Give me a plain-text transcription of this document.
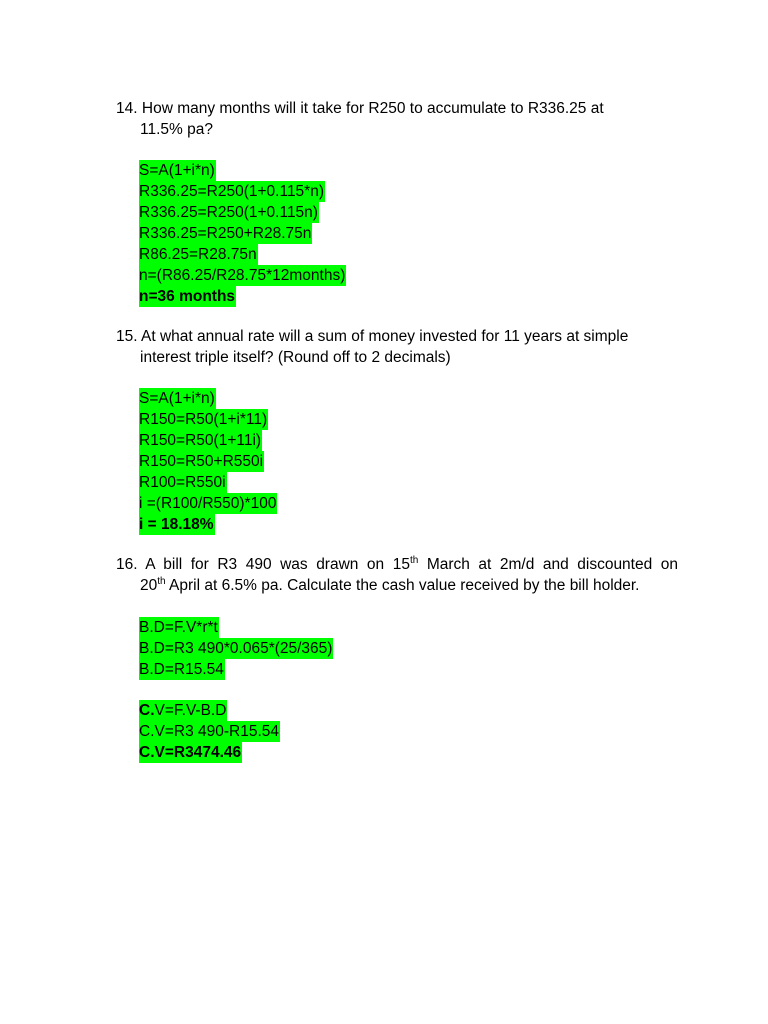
14. How many months will it take for R250 to accumulate to R336.25 at
11.5% pa?
S=A(1+i*n)
R336.25=R250(1+0.115*n)
R336.25=R250(1+0.115n)
R336.25=R250+R28.75n
R86.25=R28.75n
n=(R86.25/R28.75*12months)
n=36 months
15. At what annual rate will a sum of money invested for 11 years at simple
interest triple itself? (Round off to 2 decimals)
S=A(1+i*n)
R150=R50(1+i*11)
R150=R50(1+11i)
R150=R50+R550i
R100=R550i
i =(R100/R550)*100
i = 18.18%
16. A bill for R3 490 was drawn on 15th March at 2m/d and discounted on
20th April at 6.5% pa. Calculate the cash value received by the bill holder.
B.D=F.V*r*t
B.D=R3 490*0.065*(25/365)
B.D=R15.54
C.V=F.V-B.D
C.V=R3 490-R15.54
C.V=R3474.46
